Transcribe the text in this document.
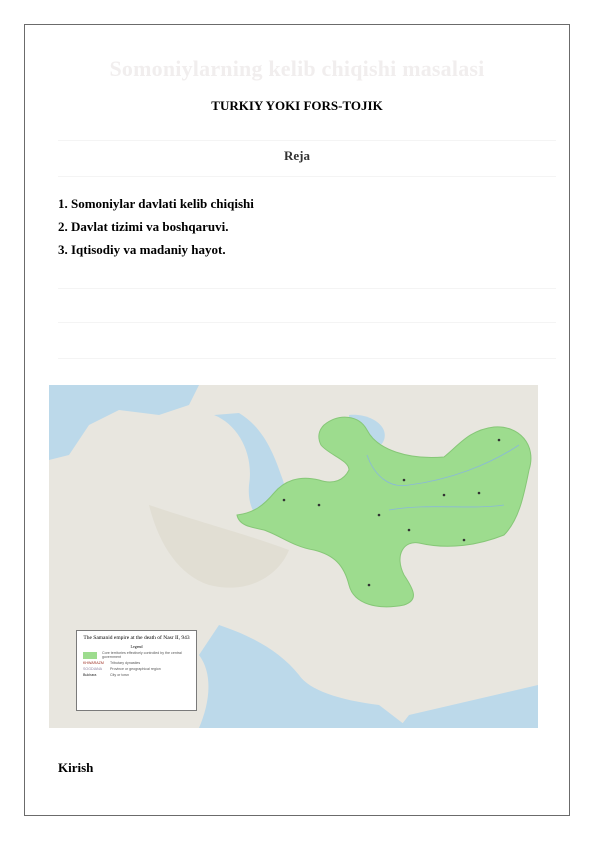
Somoniylarning kelib chiqishi masalasi
TURKIY YOKI FORS-TOJIK
Reja
1. Somoniylar davlati kelib chiqishi
2. Davlat tizimi va boshqaruvi.
3. Iqtisodiy va madaniy hayot.
The Samanid empire at the death of Nasr II, 943
Legend
Core territories effectively controlled by the central government
KHWARAZM	Tributary dynasties
SOGDIANA	Province or geographical region
Bukhara	City or town
Kirish
